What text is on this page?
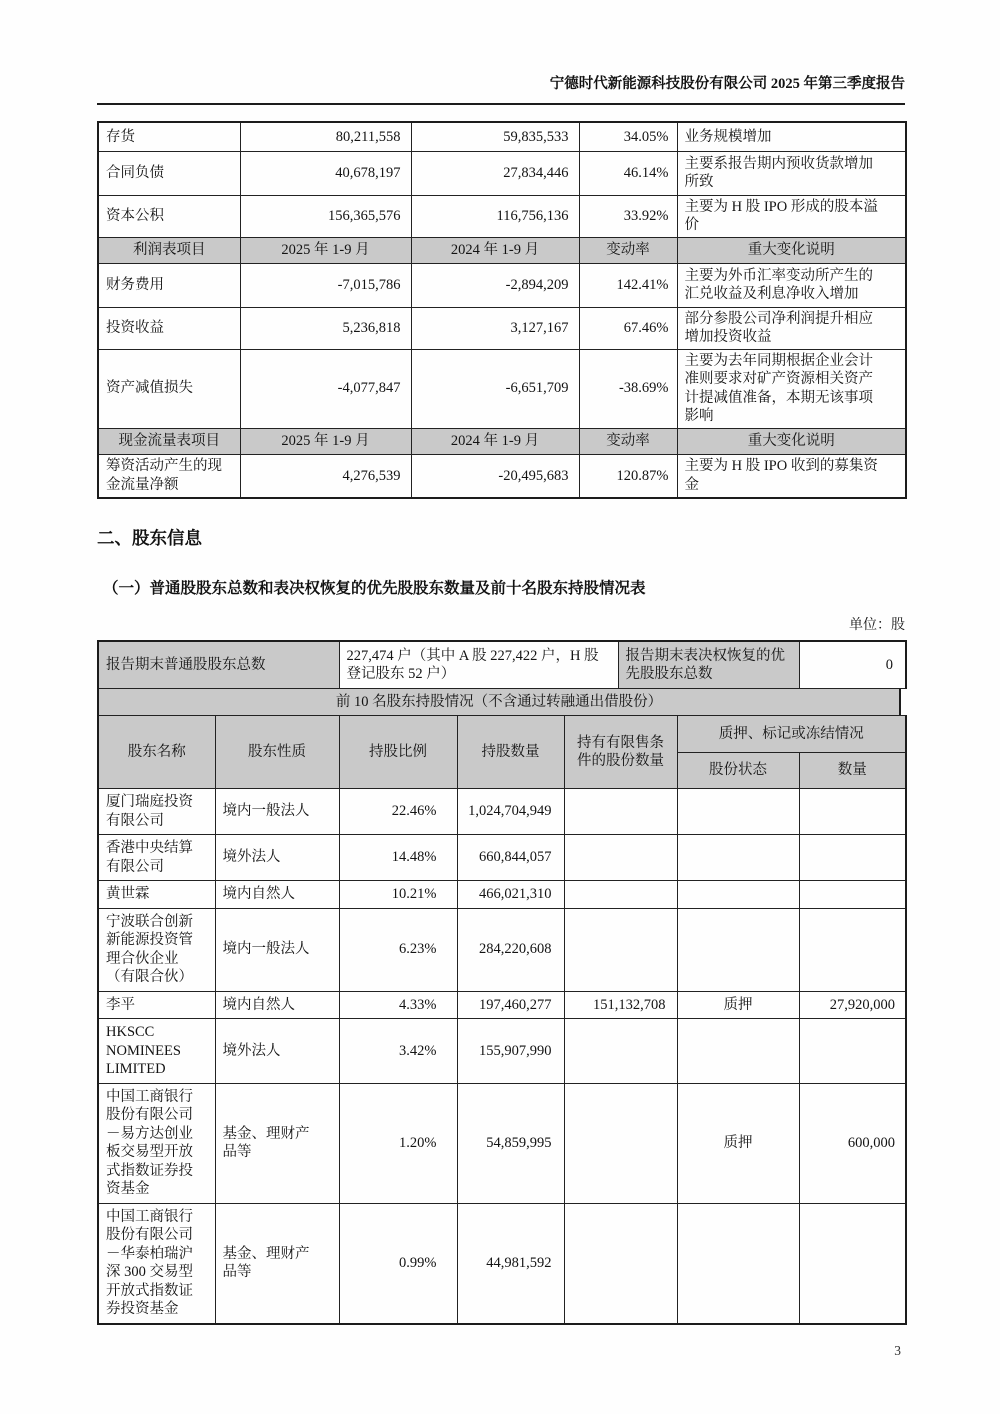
宁德时代新能源科技股份有限公司 2025 年第三季度报告
存货	80,211,558	59,835,533	34.05%	业务规模增加
合同负债	40,678,197	27,834,446	46.14%	主要系报告期内预收货款增加所致
资本公积	156,365,576	116,756,136	33.92%	主要为 H 股 IPO 形成的股本溢价
利润表项目	2025 年 1-9 月	2024 年 1-9 月	变动率	重大变化说明
财务费用	-7,015,786	-2,894,209	142.41%	主要为外币汇率变动所产生的汇兑收益及利息净收入增加
投资收益	5,236,818	3,127,167	67.46%	部分参股公司净利润提升相应增加投资收益
资产减值损失	-4,077,847	-6,651,709	-38.69%	主要为去年同期根据企业会计准则要求对矿产资源相关资产计提减值准备，本期无该事项影响
现金流量表项目	2025 年 1-9 月	2024 年 1-9 月	变动率	重大变化说明
筹资活动产生的现金流量净额	4,276,539	-20,495,683	120.87%	主要为 H 股 IPO 收到的募集资金
二、股东信息
（一）普通股股东总数和表决权恢复的优先股股东数量及前十名股东持股情况表
单位：股
报告期末普通股股东总数	227,474 户（其中 A 股 227,422 户，H 股登记股东 52 户）	报告期末表决权恢复的优先股股东总数	0
前 10 名股东持股情况（不含通过转融通出借股份）
股东名称	股东性质	持股比例	持股数量	持有有限售条件的股份数量	质押、标记或冻结情况	
					股份状态	数量
厦门瑞庭投资有限公司	境内一般法人	22.46%	1,024,704,949			
香港中央结算有限公司	境外法人	14.48%	660,844,057			
黄世霖	境内自然人	10.21%	466,021,310			
宁波联合创新新能源投资管理合伙企业（有限合伙）	境内一般法人	6.23%	284,220,608			
李平	境内自然人	4.33%	197,460,277	151,132,708	质押	27,920,000
HKSCC NOMINEES LIMITED	境外法人	3.42%	155,907,990			
中国工商银行股份有限公司－易方达创业板交易型开放式指数证券投资基金	基金、理财产品等	1.20%	54,859,995		质押	600,000
中国工商银行股份有限公司－华泰柏瑞沪深 300 交易型开放式指数证券投资基金	基金、理财产品等	0.99%	44,981,592			
3
